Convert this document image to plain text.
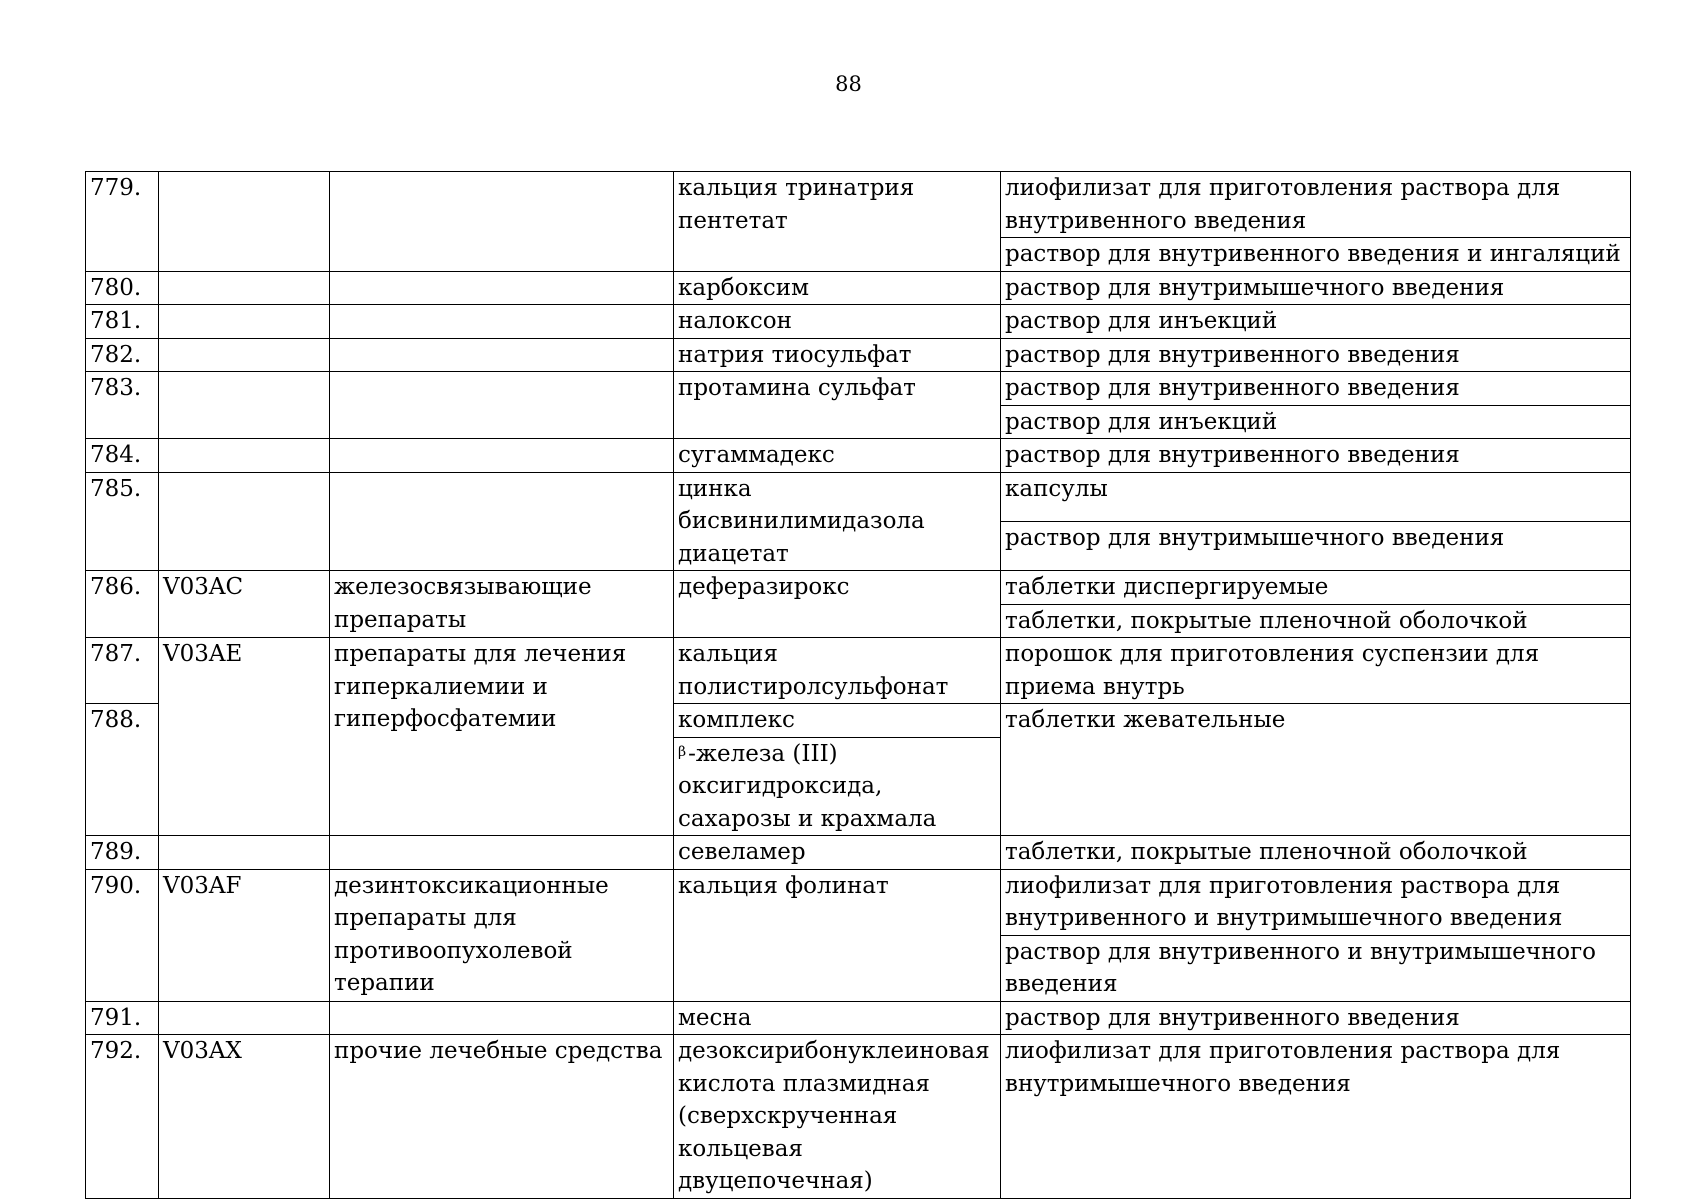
88
779.			кальция тринатрия пентетат	лиофилизат для приготовления раствора для внутривенного введения
				раствор для внутривенного введения и ингаляций
780.			карбоксим	раствор для внутримышечного введения
781.			налоксон	раствор для инъекций
782.			натрия тиосульфат	раствор для внутривенного введения
783.			протамина сульфат	раствор для внутривенного введения
				раствор для инъекций
784.			сугаммадекс	раствор для внутривенного введения
785.			цинка бисвинилимидазола диацетат	капсулы
				раствор для внутримышечного введения
786.	V03AC	железосвязывающие препараты	деферазирокс	таблетки диспергируемые
				таблетки, покрытые пленочной оболочкой
787.	V03AE	препараты для лечения гиперкалиемии и гиперфосфатемии	кальция полистиролсульфонат	порошок для приготовления суспензии для приема внутрь
788.			комплекс	таблетки жевательные
			$^\beta$-железа (III) оксигидроксида, сахарозы и крахмала	
789.			севеламер	таблетки, покрытые пленочной оболочкой
790.	V03AF	дезинтоксикационные препараты для противоопухолевой терапии	кальция фолинат	лиофилизат для приготовления раствора для внутривенного и внутримышечного введения
				раствор для внутривенного и внутримышечного введения
791.			месна	раствор для внутривенного введения
792.	V03AX	прочие лечебные средства	дезоксирибонуклеиновая кислота плазмидная (сверхскрученная кольцевая двуцепочечная)	лиофилизат для приготовления раствора для внутримышечного введения
